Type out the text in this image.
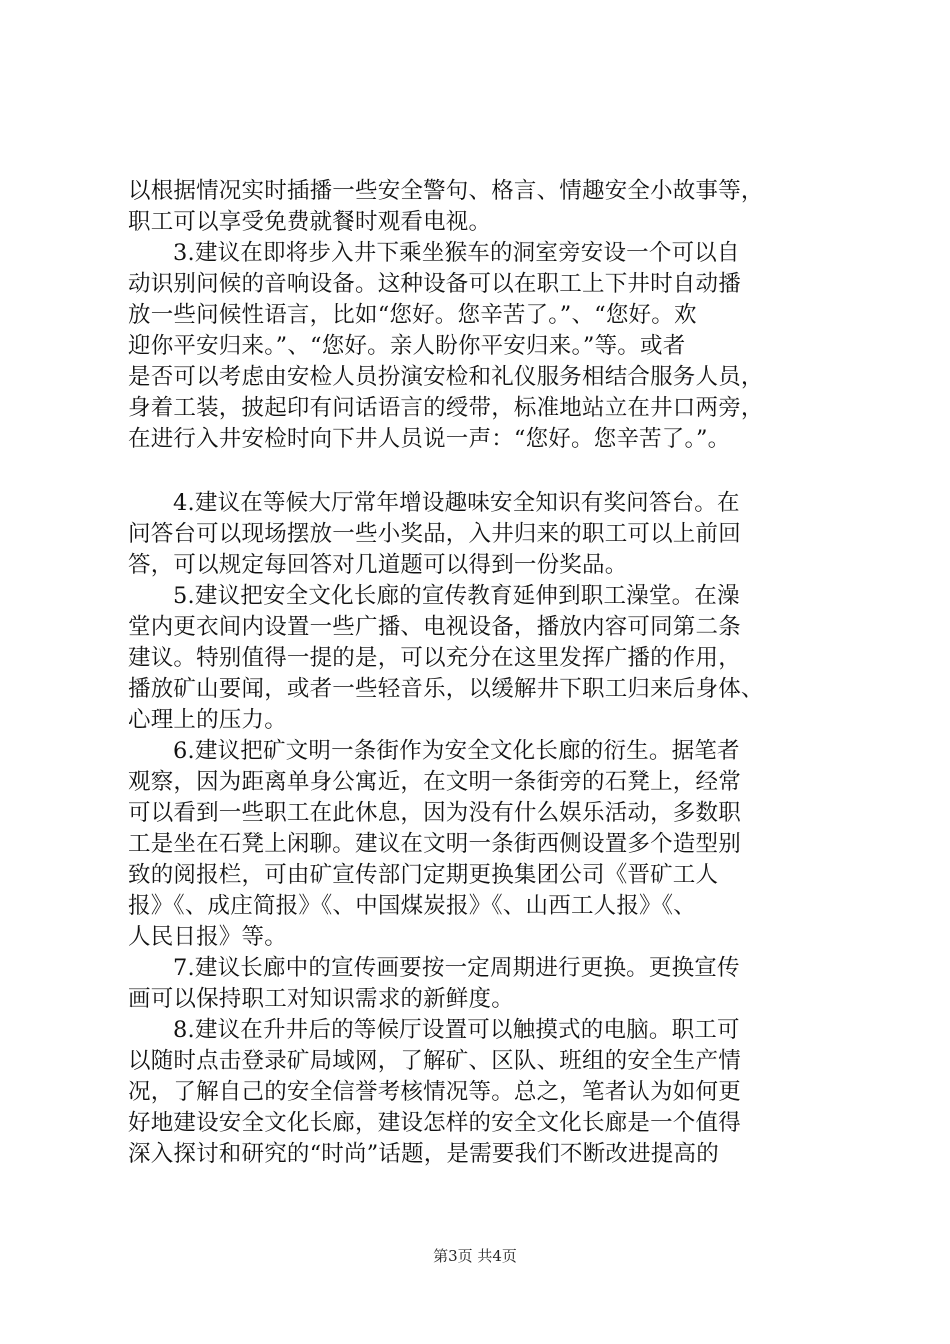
以根据情况实时插播一些安全警句、格言、情趣安全小故事等，
职工可以享受免费就餐时观看电视。
3.建议在即将步入井下乘坐猴车的洞室旁安设一个可以自
动识别问候的音响设备。这种设备可以在职工上下井时自动播
放一些问候性语言，比如“您好。您辛苦了。”、“您好。欢
迎你平安归来。”、“您好。亲人盼你平安归来。”等。或者
是否可以考虑由安检人员扮演安检和礼仪服务相结合服务人员，
身着工装，披起印有问话语言的绶带，标准地站立在井口两旁，
在进行入井安检时向下井人员说一声：“您好。您辛苦了。”。
4.建议在等候大厅常年增设趣味安全知识有奖问答台。在
问答台可以现场摆放一些小奖品，入井归来的职工可以上前回
答，可以规定每回答对几道题可以得到一份奖品。
5.建议把安全文化长廊的宣传教育延伸到职工澡堂。在澡
堂内更衣间内设置一些广播、电视设备，播放内容可同第二条
建议。特别值得一提的是，可以充分在这里发挥广播的作用，
播放矿山要闻，或者一些轻音乐，以缓解井下职工归来后身体、
心理上的压力。
6.建议把矿文明一条街作为安全文化长廊的衍生。据笔者
观察，因为距离单身公寓近，在文明一条街旁的石凳上，经常
可以看到一些职工在此休息，因为没有什么娱乐活动，多数职
工是坐在石凳上闲聊。建议在文明一条街西侧设置多个造型别
致的阅报栏，可由矿宣传部门定期更换集团公司《晋矿工人
报》《、成庄简报》《、中国煤炭报》《、山西工人报》《、
人民日报》等。
7.建议长廊中的宣传画要按一定周期进行更换。更换宣传
画可以保持职工对知识需求的新鲜度。
8.建议在升井后的等候厅设置可以触摸式的电脑。职工可
以随时点击登录矿局域网，了解矿、区队、班组的安全生产情
况，了解自己的安全信誉考核情况等。总之，笔者认为如何更
好地建设安全文化长廊，建设怎样的安全文化长廊是一个值得
深入探讨和研究的“时尚”话题，是需要我们不断改进提高的
第3页 共4页
